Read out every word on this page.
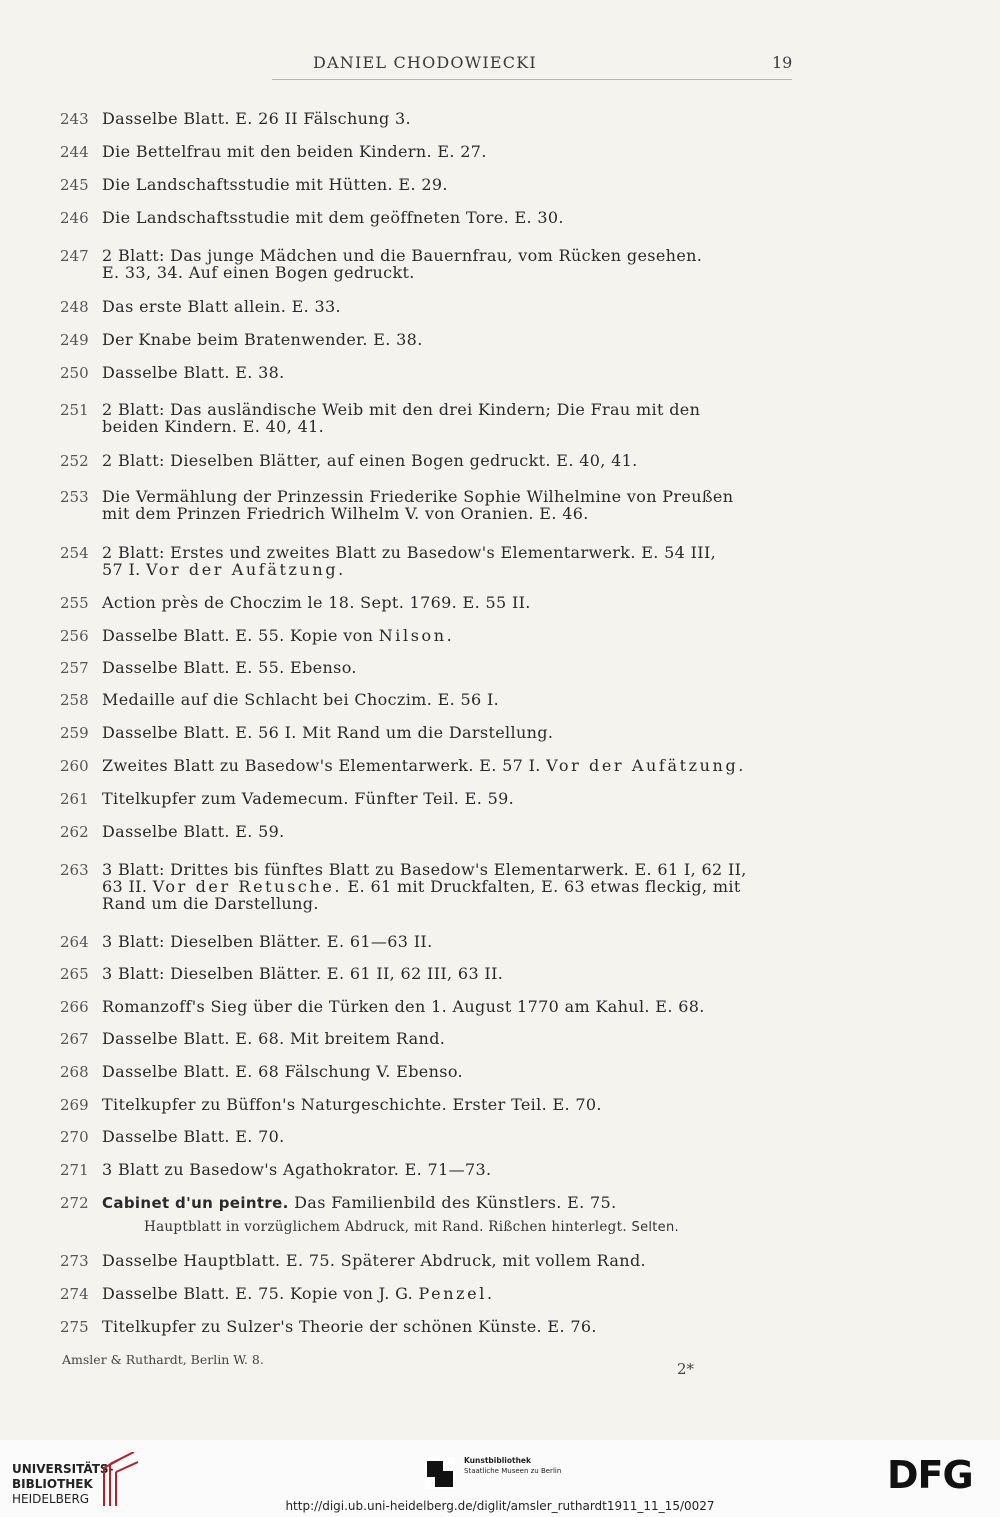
DANIEL CHODOWIECKI	19
243 Dasselbe Blatt. E. 26 II Fälschung 3.
244 Die Bettelfrau mit den beiden Kindern. E. 27.
245 Die Landschaftsstudie mit Hütten. E. 29.
246 Die Landschaftsstudie mit dem geöffneten Tore. E. 30.
247 2 Blatt: Das junge Mädchen und die Bauernfrau, vom Rücken gesehen.
E. 33, 34. Auf einen Bogen gedruckt.
248 Das erste Blatt allein. E. 33.
249 Der Knabe beim Bratenwender. E. 38.
250 Dasselbe Blatt. E. 38.
251 2 Blatt: Das ausländische Weib mit den drei Kindern; Die Frau mit den
beiden Kindern. E. 40, 41.
252 2 Blatt: Dieselben Blätter, auf einen Bogen gedruckt. E. 40, 41.
253 Die Vermählung der Prinzessin Friederike Sophie Wilhelmine von Preußen
mit dem Prinzen Friedrich Wilhelm V. von Oranien. E. 46.
254 2 Blatt: Erstes und zweites Blatt zu Basedow's Elementarwerk. E. 54 III,
57 I. Vor der Aufätzung.
255 Action près de Choczim le 18. Sept. 1769. E. 55 II.
256 Dasselbe Blatt. E. 55. Kopie von Nilson.
257 Dasselbe Blatt. E. 55. Ebenso.
258 Medaille auf die Schlacht bei Choczim. E. 56 I.
259 Dasselbe Blatt. E. 56 I. Mit Rand um die Darstellung.
260 Zweites Blatt zu Basedow's Elementarwerk. E. 57 I. Vor der Aufätzung.
261 Titelkupfer zum Vademecum. Fünfter Teil. E. 59.
262 Dasselbe Blatt. E. 59.
263 3 Blatt: Drittes bis fünftes Blatt zu Basedow's Elementarwerk. E. 61 I, 62 II,
63 II. Vor der Retusche. E. 61 mit Druckfalten, E. 63 etwas fleckig, mit
Rand um die Darstellung.
264 3 Blatt: Dieselben Blätter. E. 61—63 II.
265 3 Blatt: Dieselben Blätter. E. 61 II, 62 III, 63 II.
266 Romanzoff's Sieg über die Türken den 1. August 1770 am Kahul. E. 68.
267 Dasselbe Blatt. E. 68. Mit breitem Rand.
268 Dasselbe Blatt. E. 68 Fälschung V. Ebenso.
269 Titelkupfer zu Büffon's Naturgeschichte. Erster Teil. E. 70.
270 Dasselbe Blatt. E. 70.
271 3 Blatt zu Basedow's Agathokrator. E. 71—73.
272 Cabinet d'un peintre. Das Familienbild des Künstlers. E. 75.
Hauptblatt in vorzüglichem Abdruck, mit Rand. Rißchen hinterlegt. Selten.
273 Dasselbe Hauptblatt. E. 75. Späterer Abdruck, mit vollem Rand.
274 Dasselbe Blatt. E. 75. Kopie von J. G. Penzel.
275 Titelkupfer zu Sulzer's Theorie der schönen Künste. E. 76.
Amsler & Ruthardt, Berlin W. 8.
2*
UNIVERSITÄTS-
BIBLIOTHEK
HEIDELBERG
Kunstbibliothek
Staatliche Museen zu Berlin	DFG
http://digi.ub.uni-heidelberg.de/diglit/amsler_ruthardt1911_11_15/0027
